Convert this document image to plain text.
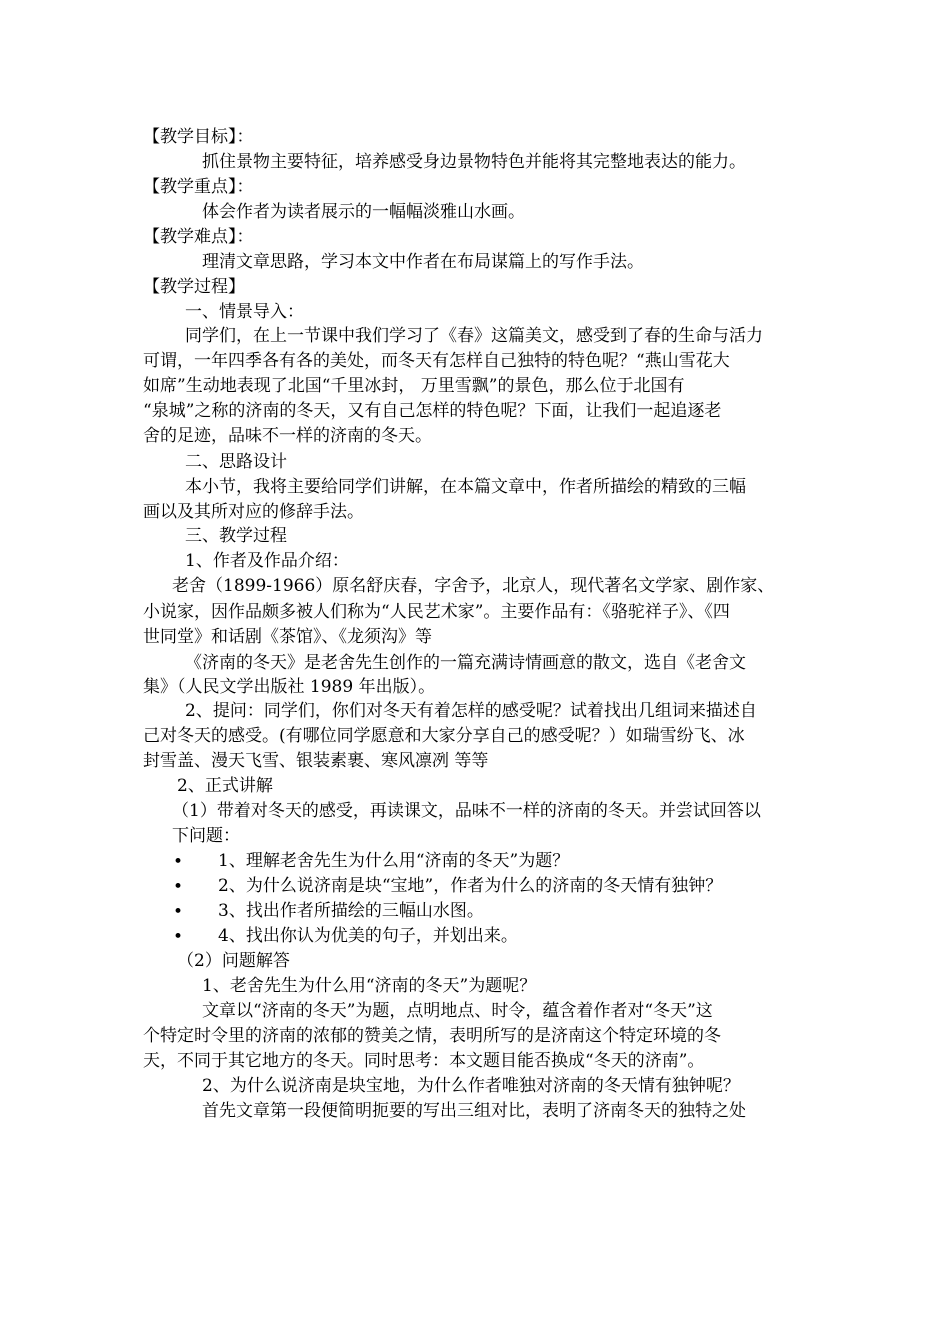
【教学目标】：
抓住景物主要特征，培养感受身边景物特色并能将其完整地表达的能力。
【教学重点】：
体会作者为读者展示的一幅幅淡雅山水画。
【教学难点】：
理清文章思路，学习本文中作者在布局谋篇上的写作手法。
【教学过程】
一、情景导入：
同学们，在上一节课中我们学习了《春》这篇美文，感受到了春的生命与活力
可谓，一年四季各有各的美处，而冬天有怎样自己独特的特色呢？“燕山雪花大
如席”生动地表现了北国“千里冰封， 万里雪飘”的景色，那么位于北国有
“泉城”之称的济南的冬天，又有自己怎样的特色呢？下面，让我们一起追逐老
舍的足迹，品味不一样的济南的冬天。
二、思路设计
本小节，我将主要给同学们讲解，在本篇文章中，作者所描绘的精致的三幅
画以及其所对应的修辞手法。
三、教学过程
1、作者及作品介绍：
老舍（1899-1966）原名舒庆春，字舍予，北京人，现代著名文学家、剧作家、
小说家，因作品颇多被人们称为“人民艺术家”。主要作品有：《骆驼祥子》、《四
世同堂》和话剧《茶馆》、《龙须沟》等
《济南的冬天》是老舍先生创作的一篇充满诗情画意的散文，选自《老舍文
集》（人民文学出版社 1989 年出版）。
2、提问：同学们，你们对冬天有着怎样的感受呢？试着找出几组词来描述自
己对冬天的感受。(有哪位同学愿意和大家分享自己的感受呢？）如瑞雪纷飞、冰
封雪盖、漫天飞雪、银装素裹、寒风凛冽 等等
2、正式讲解
（1）带着对冬天的感受，再读课文，品味不一样的济南的冬天。并尝试回答以
下问题：
• 1、理解老舍先生为什么用“济南的冬天”为题？
• 2、为什么说济南是块“宝地”，作者为什么的济南的冬天情有独钟？
• 3、找出作者所描绘的三幅山水图。
• 4、找出你认为优美的句子，并划出来。
（2）问题解答
1、老舍先生为什么用“济南的冬天”为题呢？
文章以“济南的冬天”为题，点明地点、时令，蕴含着作者对“冬天”这
个特定时令里的济南的浓郁的赞美之情，表明所写的是济南这个特定环境的冬
天，不同于其它地方的冬天。同时思考：本文题目能否换成“冬天的济南”。
2、为什么说济南是块宝地，为什么作者唯独对济南的冬天情有独钟呢？
首先文章第一段便简明扼要的写出三组对比，表明了济南冬天的独特之处
